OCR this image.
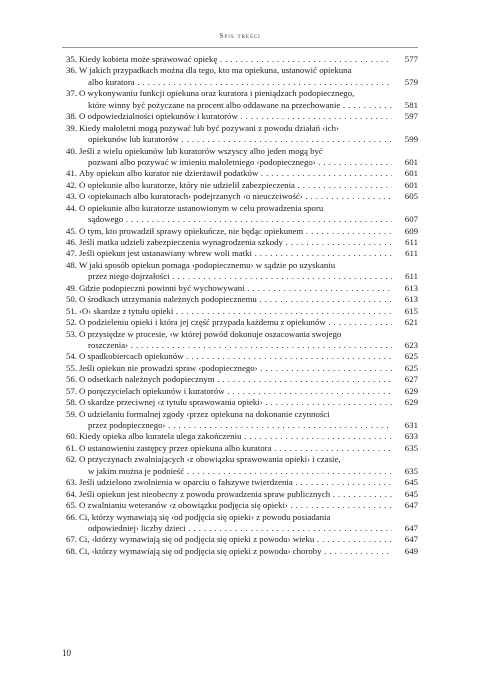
Spis treści
35. Kiedy kobieta może sprawować opiekę . . .	577
36. W jakich przypadkach można dla tego, kto ma opiekuna, ustanowić opiekuna
albo kuratora . . .	579
37. O wykonywaniu funkcji opiekuna oraz kuratora i pieniądzach podopiecznego,
które winny być pożyczane na procent albo oddawane na przechowanie . . .	581
38. O odpowiedzialności opiekunów i kuratorów . . .	597
39. Kiedy małoletni mogą pozywać lub być pozywani z powodu działań ‹ich›
opiekunów lub kuratorów . . .	599
40. Jeśli z wielu opiekunów lub kuratorów wszyscy albo jeden mogą być
pozwani albo pozywać w imieniu małoletniego ‹podopiecznego› . . .	601
41. Aby opiekun albo kurator nie dzierżawił podatków . . .	601
42. O opiekunie albo kuratorze, który nie udzielił zabezpieczenia . . .	601
43. O ‹opiekunach albo kuratorach› podejrzanych ‹o nieuczciwość› . . .	605
44. O opiekunie albo kuratorze ustanowionym w celu prowadzenia sporu
sądowego . . .	607
45. O tym, kto prowadził sprawy opiekuńcze, nie będąc opiekunem . . .	609
46. Jeśli matka udzieli zabezpieczenia wynagrodzenia szkody . . .	611
47. Jeśli opiekun jest ustanawiany wbrew woli matki . . .	611
48. W jaki sposób opiekun pomaga ‹podopiecznemu› w sądzie po uzyskaniu
przez niego dojrzałości . . .	611
49. Gdzie podopieczni powinni być wychowywani . . .	613
50. O środkach utrzymania należnych podopiecznemu . . .	613
51. ‹O› skardze z tytułu opieki . . .	615
52. O podzieleniu opieki i która jej część przypada każdemu z opiekunów . . .	621
53. O przysiędze w procesie, ‹w której powód dokonuje oszacowania swojego
roszczenia› . . .	623
54. O spadkobiercach opiekunów . . .	625
55. Jeśli opiekun nie prowadzi spraw ‹podopiecznego› . . .	625
56. O odsetkach należnych podopiecznym . . .	627
57. O poręczycielach opiekunów i kuratorów . . .	629
58. O skardze przeciwnej ‹z tytułu sprawowania opieki› . . .	629
59. O udzielaniu formalnej zgody ‹przez opiekuna na dokonanie czynności
przez podopiecznego› . . .	631
60. Kiedy opieka albo kuratela ulega zakończeniu . . .	633
61. O ustanowieniu zastępcy przez opiekuna albo kuratora . . .	635
62. O przyczynach zwalniających ‹z obowiązku sprawowania opieki› i czasie,
w jakim można je podnieść . . .	635
63. Jeśli udzielono zwolnienia w oparciu o fałszywe twierdzenia . . .	645
64. Jeśli opiekun jest nieobecny z powodu prowadzenia spraw publicznych . . .	645
65. O zwalnianiu weteranów ‹z obowiązku podjęcia się opieki› . . .	647
66. Ci, którzy wymawiają się ‹od podjęcia się opieki› z powodu posiadania
odpowiedniej› liczby dzieci . . .	647
67. Ci, ‹którzy wymawiają się od podjęcia się opieki z powodu› wieku . . .	647
68. Ci, ‹którzy wymawiają się od podjęcia się opieki z powodu› choroby . . .	649
10
